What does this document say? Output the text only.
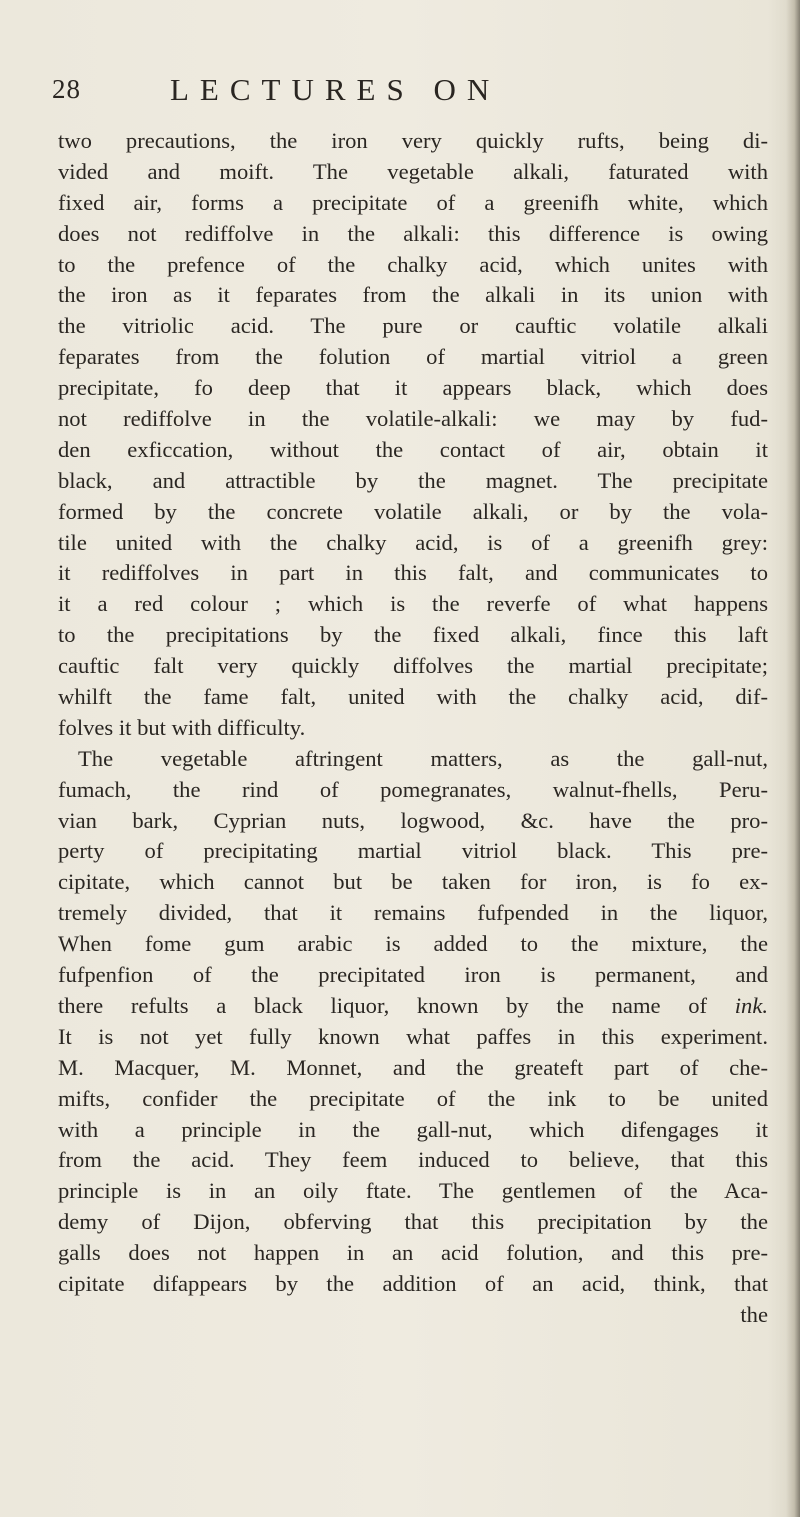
28	LECTURES ON
two precautions, the iron very quickly rufts, being di-
vided and moift. The vegetable alkali, faturated with
fixed air, forms a precipitate of a greenifh white, which
does not rediffolve in the alkali: this difference is owing
to the prefence of the chalky acid, which unites with
the iron as it feparates from the alkali in its union with
the vitriolic acid. The pure or cauftic volatile alkali
feparates from the folution of martial vitriol a green
precipitate, fo deep that it appears black, which does
not rediffolve in the volatile-alkali: we may by fud-
den exficcation, without the contact of air, obtain it
black, and attractible by the magnet. The precipitate
formed by the concrete volatile alkali, or by the vola-
tile united with the chalky acid, is of a greenifh grey:
it rediffolves in part in this falt, and communicates to
it a red colour ; which is the reverfe of what happens
to the precipitations by the fixed alkali, fince this laft
cauftic falt very quickly diffolves the martial precipitate;
whilft the fame falt, united with the chalky acid, dif-
folves it but with difficulty.
The vegetable aftringent matters, as the gall-nut,
fumach, the rind of pomegranates, walnut-fhells, Peru-
vian bark, Cyprian nuts, logwood, &c. have the pro-
perty of precipitating martial vitriol black. This pre-
cipitate, which cannot but be taken for iron, is fo ex-
tremely divided, that it remains fufpended in the liquor,
When fome gum arabic is added to the mixture, the
fufpenfion of the precipitated iron is permanent, and
there refults a black liquor, known by the name of ink.
It is not yet fully known what paffes in this experiment.
M. Macquer, M. Monnet, and the greateft part of che-
mifts, confider the precipitate of the ink to be united
with a principle in the gall-nut, which difengages it
from the acid. They feem induced to believe, that this
principle is in an oily ftate. The gentlemen of the Aca-
demy of Dijon, obferving that this precipitation by the
galls does not happen in an acid folution, and this pre-
cipitate difappears by the addition of an acid, think, that
the
